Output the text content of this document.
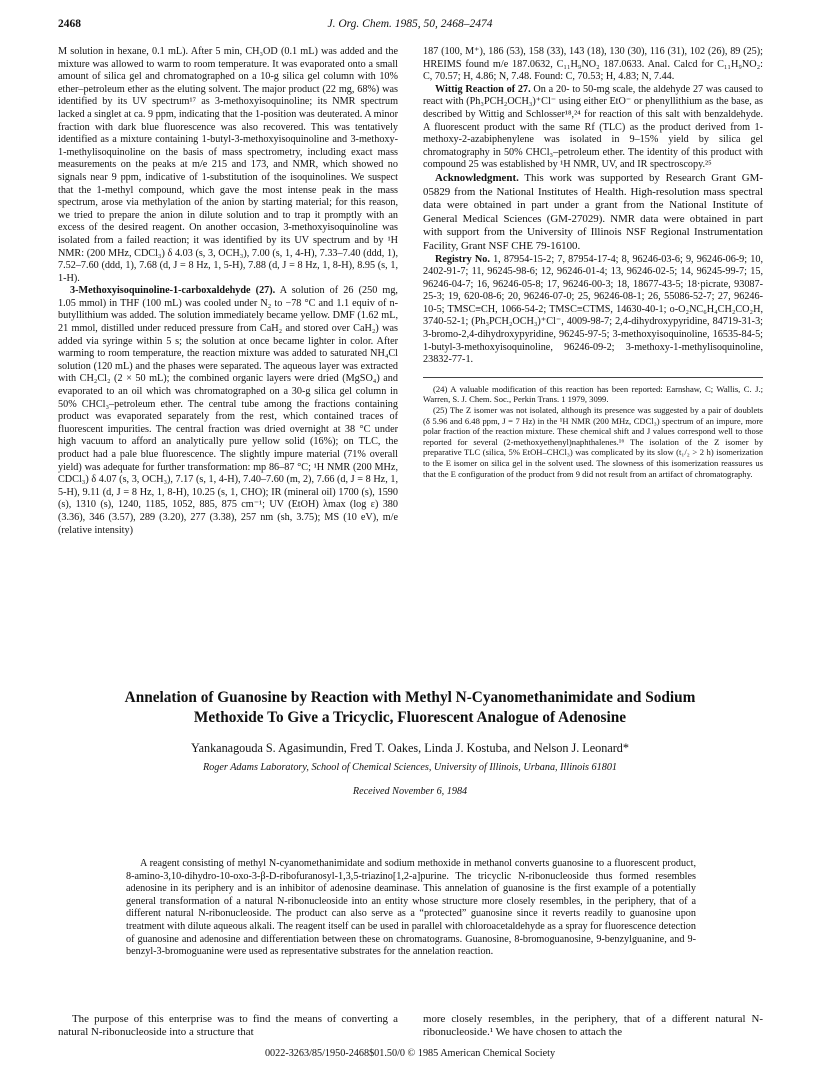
2468	J. Org. Chem. 1985, 50, 2468–2474

M solution in hexane, 0.1 mL). After 5 min, CH₃OD (0.1 mL) was added and the mixture was allowed to warm to room temperature. It was evaporated onto a small amount of silica gel and chromatographed on a 10-g silica gel column with 10% ether–petroleum ether as the eluting solvent. The major product (22 mg, 68%) was identified by its UV spectrum¹⁷ as 3-methoxyisoquinoline; its NMR spectrum lacked a singlet at ca. 9 ppm, indicating that the 1-position was deuterated. A minor fraction with dark blue fluorescence was also recovered. This was tentatively identified as a mixture containing 1-butyl-3-methoxyisoquinoline and 3-methoxy-1-methylisoquinoline on the basis of mass spectrometry, including exact mass measurements on the peaks at m/e 215 and 173, and NMR, which showed no signals near 9 ppm, indicative of 1-substitution of the isoquinolines. We suspect that the 1-methyl compound, which gave the most intense peak in the mass spectrum, arose via methylation of the anion by starting material; for this reason, we tried to prepare the anion in dilute solution and to trap it promptly with an excess of the desired reagent. On another occasion, 3-methoxyisoquinoline was isolated from a failed reaction; it was identified by its UV spectrum and by ¹H NMR: (200 MHz, CDCl₃) δ 4.03 (s, 3, OCH₃), 7.00 (s, 1, 4-H), 7.33–7.40 (ddd, 1), 7.52–7.60 (ddd, 1), 7.68 (d, J = 8 Hz, 1, 5-H), 7.88 (d, J = 8 Hz, 1, 8-H), 8.95 (s, 1, 1-H).

3-Methoxyisoquinoline-1-carboxaldehyde (27). A solution of 26 (250 mg, 1.05 mmol) in THF (100 mL) was cooled under N₂ to −78 °C and 1.1 equiv of n-butyllithium was added. The solution immediately became yellow. DMF (1.62 mL, 21 mmol, distilled under reduced pressure from CaH₂ and stored over CaH₂) was added via syringe within 5 s; the solution at once became lighter in color. After warming to room temperature, the reaction mixture was added to saturated NH₄Cl solution (120 mL) and the phases were separated. The aqueous layer was extracted with CH₂Cl₂ (2 × 50 mL); the combined organic layers were dried (MgSO₄) and evaporated to an oil which was chromatographed on a 30-g silica gel column in 50% CHCl₃–petroleum ether. The central tube among the fractions containing product was evaporated separately from the rest, which contained traces of fluorescent impurities. The central fraction was dried overnight at 38 °C under high vacuum to afford an analytically pure yellow solid (16%); on TLC, the product had a pale blue fluorescence. The slightly impure material (71% overall yield) was adequate for further transformation: mp 86–87 °C; ¹H NMR (200 MHz, CDCl₃) δ 4.07 (s, 3, OCH₃), 7.17 (s, 1, 4-H), 7.40–7.60 (m, 2), 7.66 (d, J = 8 Hz, 1, 5-H), 9.11 (d, J = 8 Hz, 1, 8-H), 10.25 (s, 1, CHO); IR (mineral oil) 1700 (s), 1590 (s), 1310 (s), 1240, 1185, 1052, 885, 875 cm⁻¹; UV (EtOH) λmax (log ε) 380 (3.36), 346 (3.57), 289 (3.20), 277 (3.38), 257 nm (sh, 3.75); MS (10 eV), m/e (relative intensity)

187 (100, M⁺), 186 (53), 158 (33), 143 (18), 130 (30), 116 (31), 102 (26), 89 (25); HREIMS found m/e 187.0632, C₁₁H₉NO₂ 187.0633. Anal. Calcd for C₁₁H₉NO₂: C, 70.57; H, 4.86; N, 7.48. Found: C, 70.53; H, 4.83; N, 7.44.

Wittig Reaction of 27. On a 20- to 50-mg scale, the aldehyde 27 was caused to react with (Ph₃PCH₂OCH₃)⁺Cl⁻ using either EtO⁻ or phenyllithium as the base, as described by Wittig and Schlosser¹⁸,²⁴ for reaction of this salt with benzaldehyde. A fluorescent product with the same Rf (TLC) as the product derived from 1-methoxy-2-azabiphenylene was isolated in 9–15% yield by silica gel chromatography in 50% CHCl₃–petroleum ether. The identity of this product with compound 25 was established by ¹H NMR, UV, and IR spectroscopy.²⁵

Acknowledgment. This work was supported by Research Grant GM-05829 from the National Institutes of Health. High-resolution mass spectral data were obtained in part under a grant from the National Institute of General Medical Sciences (GM-27029). NMR data were obtained in part with support from the University of Illinois NSF Regional Instrumentation Facility, Grant NSF CHE 79-16100.

Registry No. 1, 87954-15-2; 7, 87954-17-4; 8, 96246-03-6; 9, 96246-06-9; 10, 2402-91-7; 11, 96245-98-6; 12, 96246-01-4; 13, 96246-02-5; 14, 96245-99-7; 15, 96246-04-7; 16, 96246-05-8; 17, 96246-00-3; 18, 18677-43-5; 18·picrate, 93087-25-3; 19, 620-08-6; 20, 96246-07-0; 25, 96246-08-1; 26, 55086-52-7; 27, 96246-10-5; TMSC≡CH, 1066-54-2; TMSC≡CTMS, 14630-40-1; o-O₂NC₆H₄CH₂CO₂H, 3740-52-1; (Ph₃PCH₂OCH₃)⁺Cl⁻, 4009-98-7; 2,4-dihydroxypyridine, 84719-31-3; 3-bromo-2,4-dihydroxypyridine, 96245-97-5; 3-methoxyisoquinoline, 16535-84-5; 1-butyl-3-methoxyisoquinoline, 96246-09-2; 3-methoxy-1-methylisoquinoline, 23832-77-1.

(24) A valuable modification of this reaction has been reported: Earnshaw, C; Wallis, C. J.; Warren, S. J. Chem. Soc., Perkin Trans. 1 1979, 3099.

(25) The Z isomer was not isolated, although its presence was suggested by a pair of doublets (δ 5.96 and 6.48 ppm, J = 7 Hz) in the ¹H NMR (200 MHz, CDCl₃) spectrum of an impure, more polar fraction of the reaction mixture. These chemical shift and J values correspond well to those reported for several (2-methoxyethenyl)naphthalenes.¹⁶ The isolation of the Z isomer by preparative TLC (silica, 5% EtOH–CHCl₃) was complicated by its slow (t₁/₂ > 2 h) isomerization to the E isomer on silica gel in the solvent used. The slowness of this isomerization reassures us that the E configuration of the product from 9 did not result from an artifact of chromatography.

Annelation of Guanosine by Reaction with Methyl N-Cyanomethanimidate and Sodium Methoxide To Give a Tricyclic, Fluorescent Analogue of Adenosine
Yankanagouda S. Agasimundin, Fred T. Oakes, Linda J. Kostuba, and Nelson J. Leonard*
Roger Adams Laboratory, School of Chemical Sciences, University of Illinois, Urbana, Illinois 61801
Received November 6, 1984
A reagent consisting of methyl N-cyanomethanimidate and sodium methoxide in methanol converts guanosine to a fluorescent product, 8-amino-3,10-dihydro-10-oxo-3-β-D-ribofuranosyl-1,3,5-triazino[1,2-a]purine. The tricyclic N-ribonucleoside thus formed resembles adenosine in its periphery and is an inhibitor of adenosine deaminase. This annelation of guanosine is the first example of a potentially general transformation of a natural N-ribonucleoside into an entity whose structure more closely resembles, in the periphery, that of a different natural N-ribonucleoside. The product can also serve as a “protected” guanosine since it reverts readily to guanosine upon treatment with dilute aqueous alkali. The reagent itself can be used in parallel with chloroacetaldehyde as a spray for fluorescence detection of guanosine and adenosine and differentiation between these on chromatograms. Guanosine, 8-bromoguanosine, 9-benzylguanine, and 9-benzyl-3-bromoguanine were used as representative substrates for the annelation reaction.
The purpose of this enterprise was to find the means of converting a natural N-ribonucleoside into a structure that
more closely resembles, in the periphery, that of a different natural N-ribonucleoside.¹ We have chosen to attach the
0022-3263/85/1950-2468$01.50/0 © 1985 American Chemical Society
